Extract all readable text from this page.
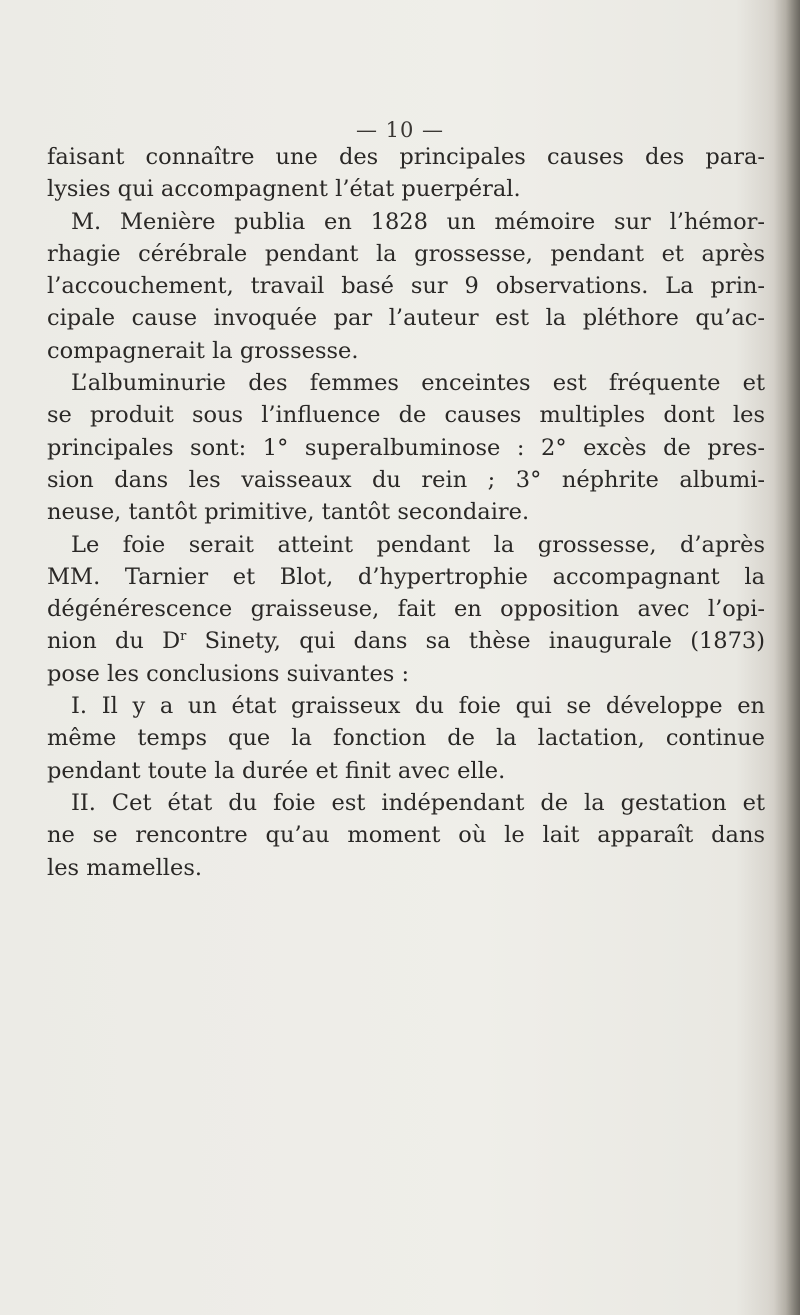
— 10 —
faisant connaître une des principales causes des para-
lysies qui accompagnent l’état puerpéral.
M. Menière publia en 1828 un mémoire sur l’hémor-
rhagie cérébrale pendant la grossesse, pendant et après
l’accouchement, travail basé sur 9 observations. La prin-
cipale cause invoquée par l’auteur est la pléthore qu’ac-
compagnerait la grossesse.
L’albuminurie des femmes enceintes est fréquente et
se produit sous l’influence de causes multiples dont les
principales sont: 1° superalbuminose : 2° excès de pres-
sion dans les vaisseaux du rein ; 3° néphrite albumi-
neuse, tantôt primitive, tantôt secondaire.
Le foie serait atteint pendant la grossesse, d’après
MM. Tarnier et Blot, d’hypertrophie accompagnant la
dégénérescence graisseuse, fait en opposition avec l’opi-
nion du $D^r$ Sinety, qui dans sa thèse inaugurale (1873)
pose les conclusions suivantes :
I. Il y a un état graisseux du foie qui se développe en
même temps que la fonction de la lactation, continue
pendant toute la durée et finit avec elle.
II. Cet état du foie est indépendant de la gestation et
ne se rencontre qu’au moment où le lait apparaît dans
les mamelles.
